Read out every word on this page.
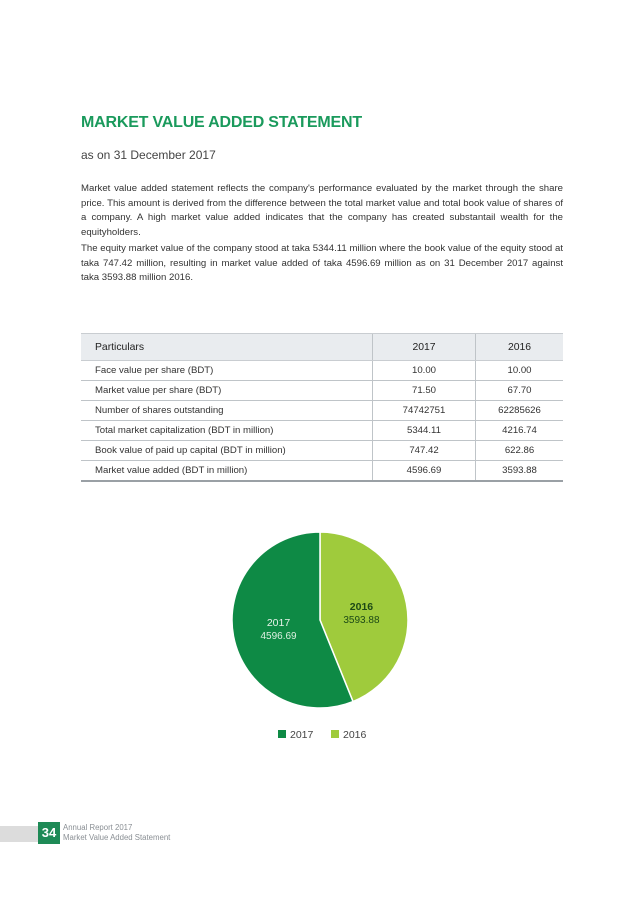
MARKET VALUE ADDED STATEMENT
as on 31 December 2017

Market value added statement reflects the company's performance evaluated by the market through the share price. This amount is derived from the difference between the total market value and total book value of shares of a company. A high market value added indicates that the company has created substantail wealth for the equityholders.

The equity market value of the company stood at taka 5344.11 million where the book value of the equity stood at taka 747.42 million, resulting in market value added of taka 4596.69 million as on 31 December 2017 against taka 3593.88 million 2016.

Particulars	2017	2016
Face value per share (BDT)	10.00	10.00
Market value per share (BDT)	71.50	67.70
Number of shares outstanding	74742751	62285626
Total market capitalization (BDT in million)	5344.11	4216.74
Book value of paid up capital (BDT in million)	747.42	622.86
Market value added (BDT in million)	4596.69	3593.88
2016
3593.88
2017
4596.69
2017	2016
34 Annual Report 2017
Market Value Added Statement
